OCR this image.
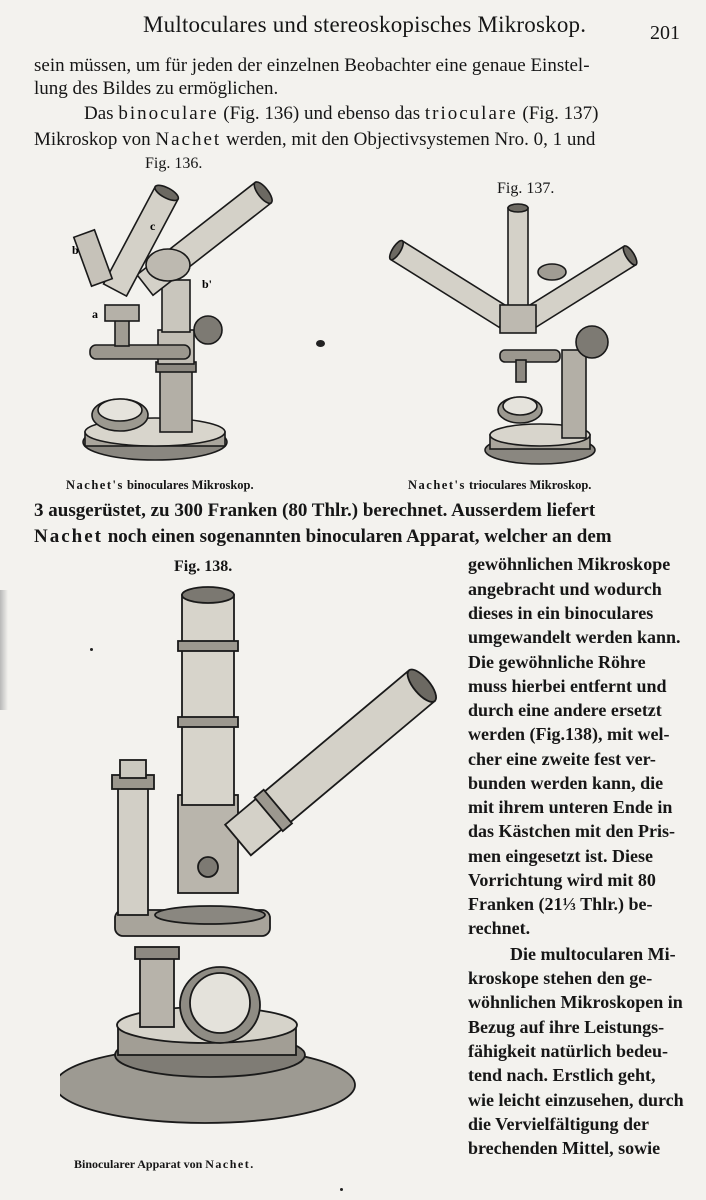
Multoculares und stereoskopisches Mikroskop.	201
sein müssen, um für jeden der einzelnen Beobachter eine genaue Einstel-
lung des Bildes zu ermöglichen.
Das binoculare (Fig. 136) und ebenso das trioculare (Fig. 137)
Mikroskop von Nachet werden, mit den Objectivsystemen Nro. 0, 1 und
Fig. 136.
Fig. 137.
b
c
b'
a
Nachet's binoculares Mikroskop.	Nachet's trioculares Mikroskop.
3 ausgerüstet, zu 300 Franken (80 Thlr.) berechnet. Ausserdem liefert
Nachet noch einen sogenannten binocularen Apparat, welcher an dem
Fig. 138.
Binocularer Apparat von Nachet.
gewöhnlichen Mikroskope
angebracht und wodurch
dieses in ein binoculares
umgewandelt werden kann.
Die gewöhnliche Röhre
muss hierbei entfernt und
durch eine andere ersetzt
werden (Fig.138), mit wel-
cher eine zweite fest ver-
bunden werden kann, die
mit ihrem unteren Ende in
das Kästchen mit den Pris-
men eingesetzt ist. Diese
Vorrichtung wird mit 80
Franken (21⅓ Thlr.) be-
rechnet.
Die multocularen Mi-
kroskope stehen den ge-
wöhnlichen Mikroskopen in
Bezug auf ihre Leistungs-
fähigkeit natürlich bedeu-
tend nach. Erstlich geht,
wie leicht einzusehen, durch
die Vervielfältigung der
brechenden Mittel, sowie
